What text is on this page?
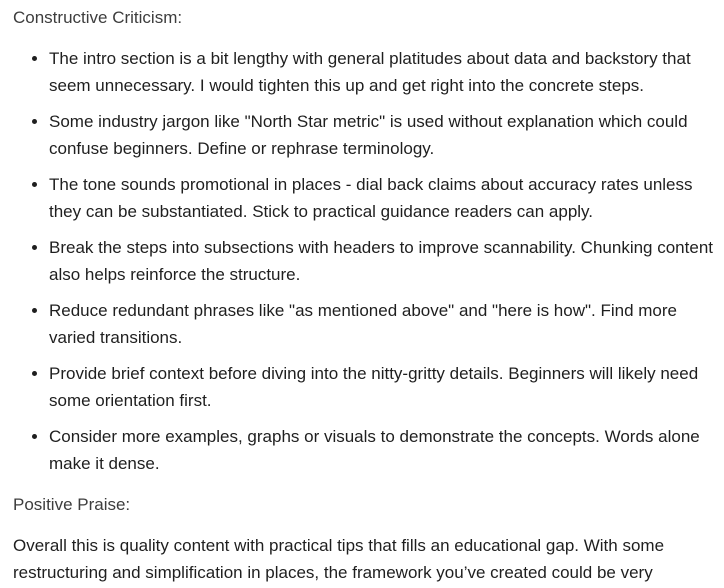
Constructive Criticism:

• The intro section is a bit lengthy with general platitudes about data and backstory that seem unnecessary. I would tighten this up and get right into the concrete steps.
• Some industry jargon like "North Star metric" is used without explanation which could confuse beginners. Define or rephrase terminology.
• The tone sounds promotional in places - dial back claims about accuracy rates unless they can be substantiated. Stick to practical guidance readers can apply.
• Break the steps into subsections with headers to improve scannability. Chunking content also helps reinforce the structure.
• Reduce redundant phrases like "as mentioned above" and "here is how". Find more varied transitions.
• Provide brief context before diving into the nitty-gritty details. Beginners will likely need some orientation first.
• Consider more examples, graphs or visuals to demonstrate the concepts. Words alone make it dense.

Positive Praise:

Overall this is quality content with practical tips that fills an educational gap. With some restructuring and simplification in places, the framework you’ve created could be very
